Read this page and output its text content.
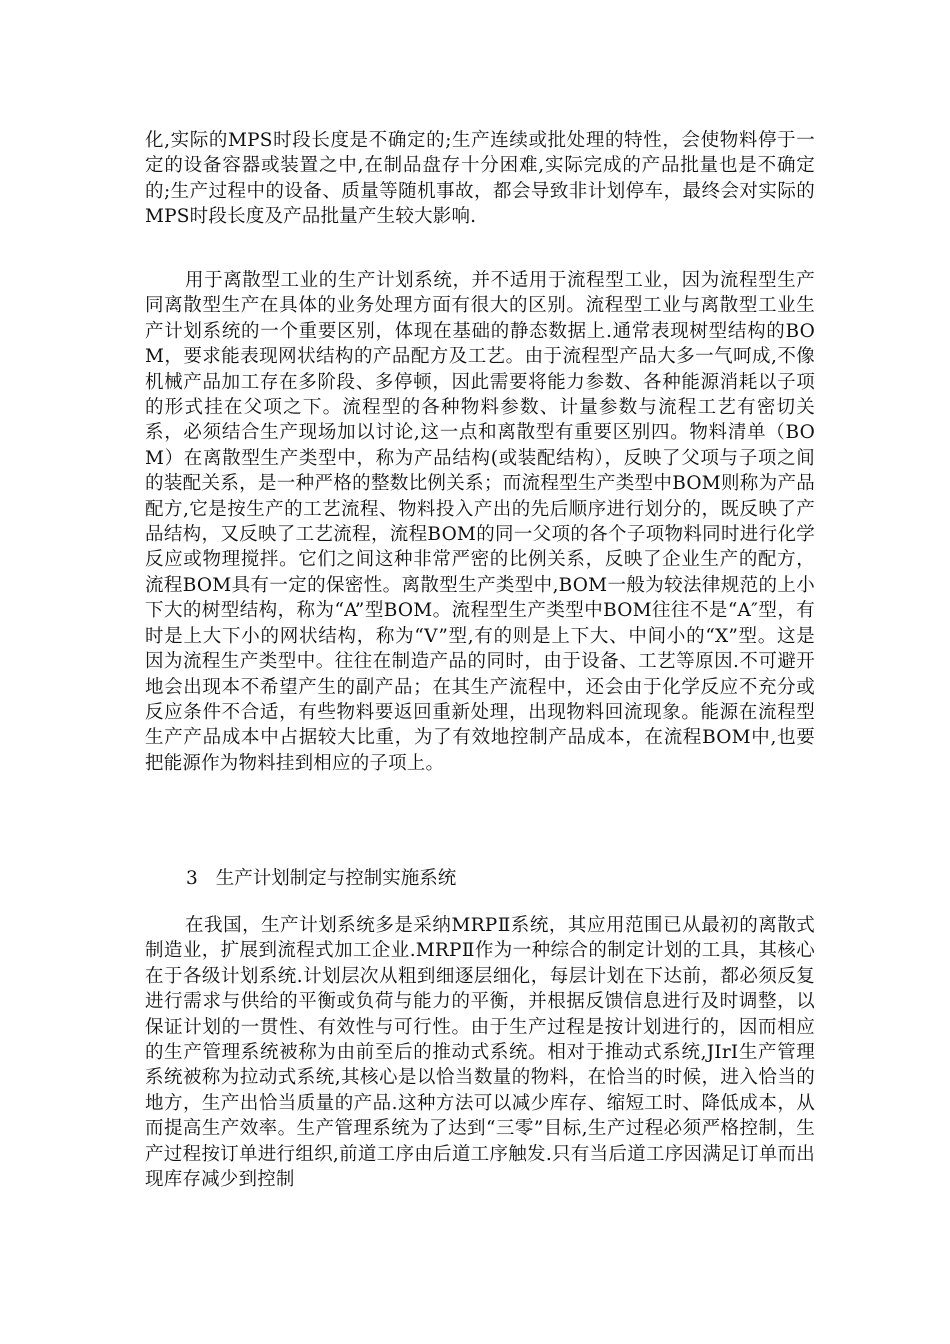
化,实际的MPS时段长度是不确定的;生产连续或批处理的特性，会使物料停于一定的设备容器或装置之中,在制品盘存十分困难,实际完成的产品批量也是不确定的;生产过程中的设备、质量等随机事故，都会导致非计划停车，最终会对实际的MPS时段长度及产品批量产生较大影响.

用于离散型工业的生产计划系统，并不适用于流程型工业，因为流程型生产同离散型生产在具体的业务处理方面有很大的区别。流程型工业与离散型工业生产计划系统的一个重要区别，体现在基础的静态数据上.通常表现树型结构的BOM，要求能表现网状结构的产品配方及工艺。由于流程型产品大多一气呵成,不像机械产品加工存在多阶段、多停顿，因此需要将能力参数、各种能源消耗以子项的形式挂在父项之下。流程型的各种物料参数、计量参数与流程工艺有密切关系，必须结合生产现场加以讨论,这一点和离散型有重要区别四。物料清单（BOM）在离散型生产类型中，称为产品结构(或装配结构），反映了父项与子项之间的装配关系，是一种严格的整数比例关系；而流程型生产类型中BOM则称为产品配方,它是按生产的工艺流程、物料投入产出的先后顺序进行划分的，既反映了产品结构，又反映了工艺流程，流程BOM的同一父项的各个子项物料同时进行化学反应或物理搅拌。它们之间这种非常严密的比例关系，反映了企业生产的配方，流程BOM具有一定的保密性。离散型生产类型中,BOM一般为较法律规范的上小下大的树型结构，称为“A”型BOM。流程型生产类型中BOM往往不是“A″型，有时是上大下小的网状结构，称为“V”型,有的则是上下大、中间小的“X”型。这是因为流程生产类型中。往往在制造产品的同时，由于设备、工艺等原因.不可避开地会出现本不希望产生的副产品；在其生产流程中，还会由于化学反应不充分或反应条件不合适，有些物料要返回重新处理，出现物料回流现象。能源在流程型生产产品成本中占据较大比重，为了有效地控制产品成本，在流程BOM中,也要把能源作为物料挂到相应的子项上。

3 生产计划制定与控制实施系统

在我国，生产计划系统多是采纳MRPⅡ系统，其应用范围已从最初的离散式制造业，扩展到流程式加工企业.MRPⅡ作为一种综合的制定计划的工具，其核心在于各级计划系统.计划层次从粗到细逐层细化，每层计划在下达前，都必须反复进行需求与供给的平衡或负荷与能力的平衡，并根据反馈信息进行及时调整，以保证计划的一贯性、有效性与可行性。由于生产过程是按计划进行的，因而相应的生产管理系统被称为由前至后的推动式系统。相对于推动式系统,JIrI生产管理系统被称为拉动式系统,其核心是以恰当数量的物料，在恰当的时候，进入恰当的地方，生产出恰当质量的产品.这种方法可以减少库存、缩短工时、降低成本，从而提高生产效率。生产管理系统为了达到“三零”目标,生产过程必须严格控制，生产过程按订单进行组织,前道工序由后道工序触发.只有当后道工序因满足订单而出现库存减少到控制
